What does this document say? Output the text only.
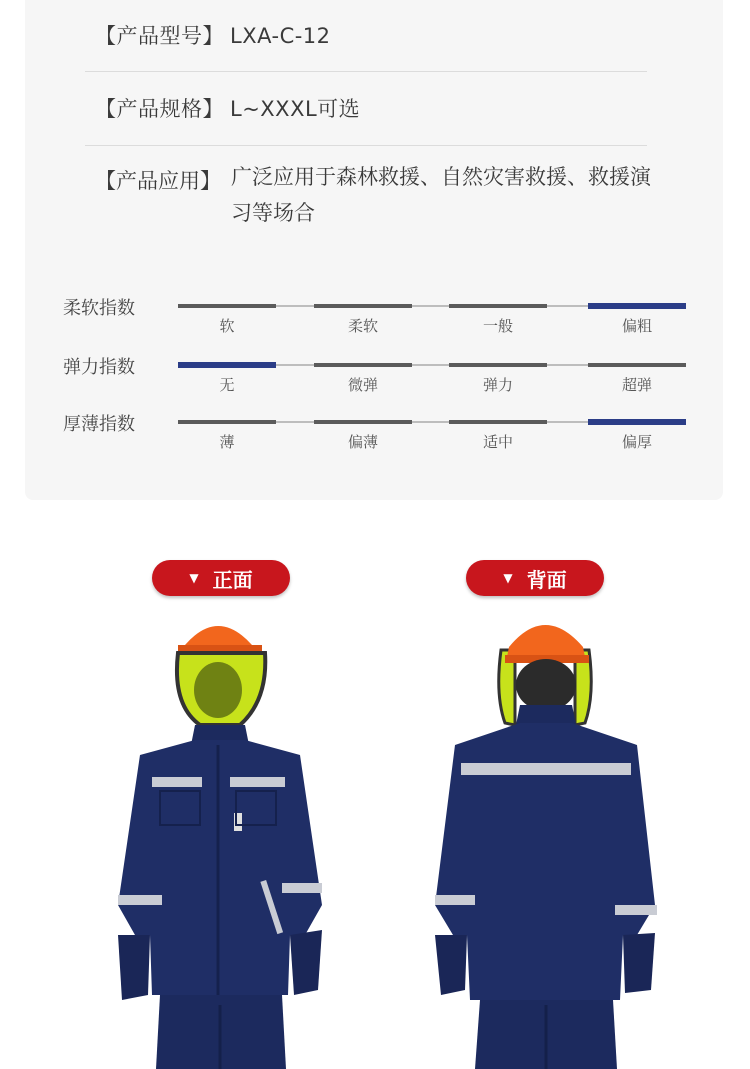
【产品型号】 LXA-C-12
【产品规格】 L~XXXL可选
【产品应用】 广泛应用于森林救援、自然灾害救援、救援演习等场合
柔软指数
软	柔软	一般	偏粗
弹力指数
无	微弹	弹力	超弹
厚薄指数
薄	偏薄	适中	偏厚
▼ 正面	▼ 背面
